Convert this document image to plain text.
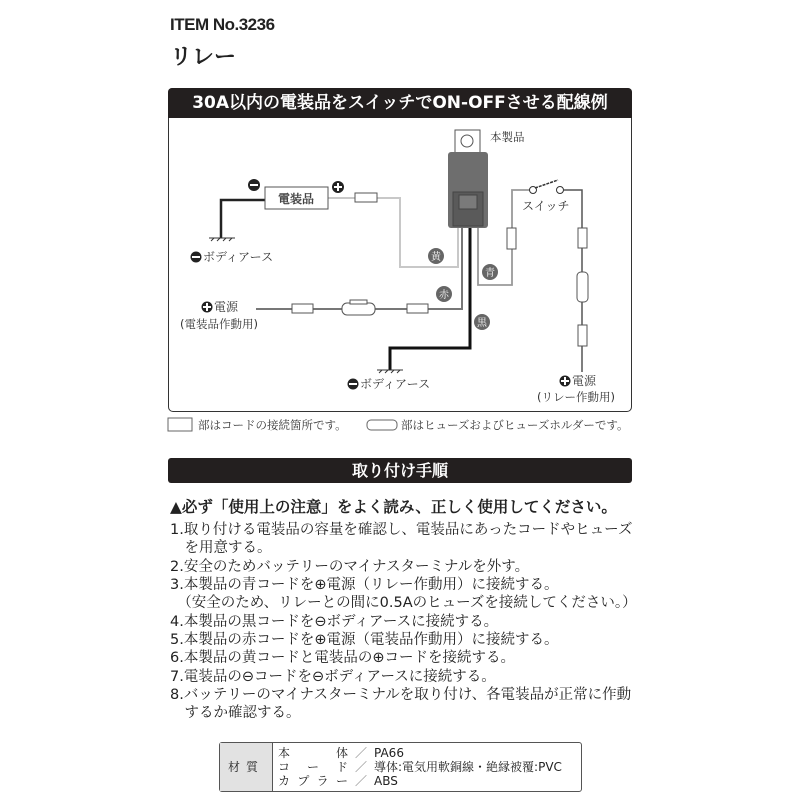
ITEM No.3236
リレー
30A以内の電装品をスイッチでON-OFFさせる配線例
電装品
本製品
スイッチ
黄
赤
黒
青
ボディアース
ボディアース
電源
(電装品作動用)
電源
(リレー作動用)
部はコードの接続箇所です。	部はヒューズおよびヒューズホルダーです。
取り付け手順
▲必ず「使用上の注意」をよく読み、正しく使用してください。
1.取り付ける電装品の容量を確認し、電装品にあったコードやヒューズ
　を用意する。
2.安全のためバッテリーのマイナスターミナルを外す。
3.本製品の青コードを⊕電源（リレー作動用）に接続する。
　（安全のため、リレーとの間に0.5Aのヒューズを接続してください。）
4.本製品の黒コードを⊖ボディアースに接続する。
5.本製品の赤コードを⊕電源（電装品作動用）に接続する。
6.本製品の黄コードと電装品の⊕コードを接続する。
7.電装品の⊖コードを⊖ボディアースに接続する。
8.バッテリーのマイナスターミナルを取り付け、各電装品が正常に作動
　するか確認する。
材質
本体 ／ PA66
コード ／ 導体:電気用軟銅線・絶縁被覆:PVC
カプラー ／ ABS
